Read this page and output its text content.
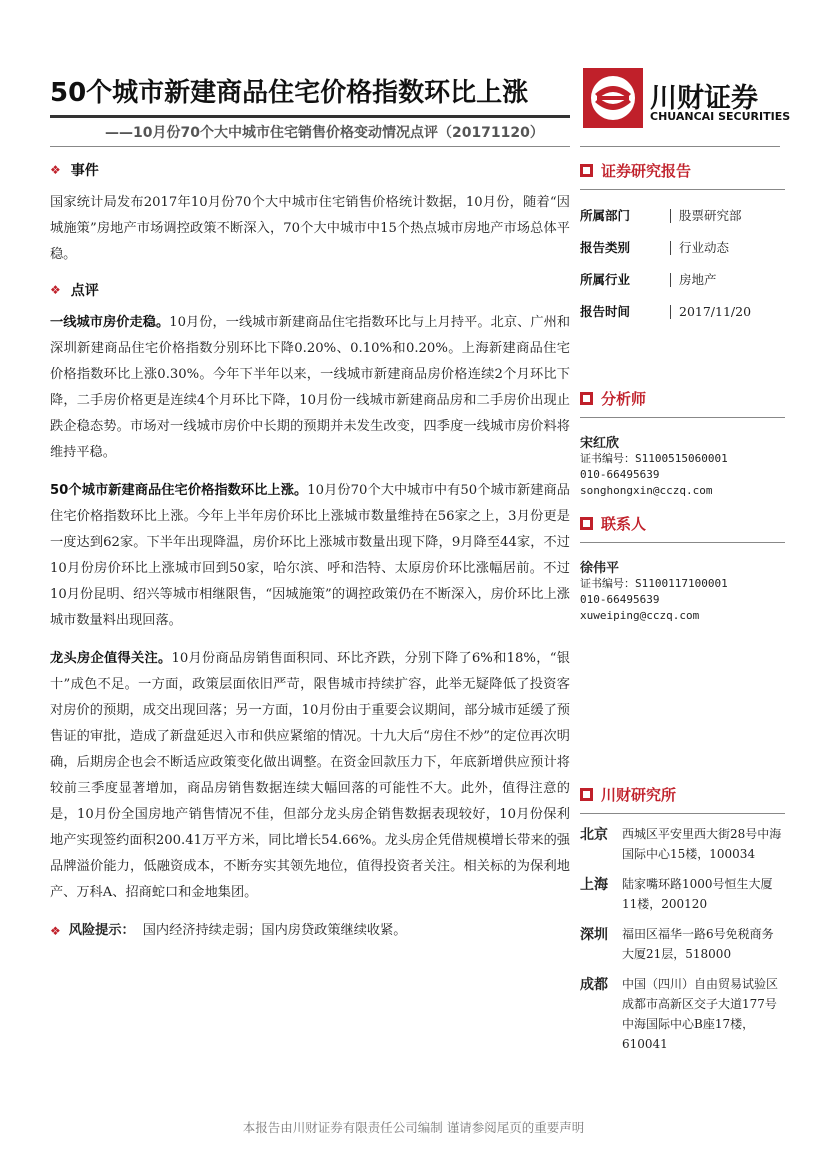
50个城市新建商品住宅价格指数环比上涨
——10月份70个大中城市住宅销售价格变动情况点评（20171120）
川财证券
CHUANCAI SECURITIES
❖ 事件

国家统计局发布2017年10月份70个大中城市住宅销售价格统计数据，10月份，随着“因城施策”房地产市场调控政策不断深入，70个大中城市中15个热点城市房地产市场总体平稳。

❖ 点评

一线城市房价走稳。10月份，一线城市新建商品住宅指数环比与上月持平。北京、广州和深圳新建商品住宅价格指数分别环比下降0.20%、0.10%和0.20%。上海新建商品住宅价格指数环比上涨0.30%。今年下半年以来，一线城市新建商品房价格连续2个月环比下降，二手房价格更是连续4个月环比下降，10月份一线城市新建商品房和二手房价出现止跌企稳态势。市场对一线城市房价中长期的预期并未发生改变，四季度一线城市房价料将维持平稳。

50个城市新建商品住宅价格指数环比上涨。10月份70个大中城市中有50个城市新建商品住宅价格指数环比上涨。今年上半年房价环比上涨城市数量维持在56家之上，3月份更是一度达到62家。下半年出现降温，房价环比上涨城市数量出现下降，9月降至44家，不过10月份房价环比上涨城市回到50家，哈尔滨、呼和浩特、太原房价环比涨幅居前。不过10月份昆明、绍兴等城市相继限售，“因城施策”的调控政策仍在不断深入，房价环比上涨城市数量料出现回落。

龙头房企值得关注。10月份商品房销售面积同、环比齐跌，分别下降了6%和18%，“银十”成色不足。一方面，政策层面依旧严苛，限售城市持续扩容，此举无疑降低了投资客对房价的预期，成交出现回落；另一方面，10月份由于重要会议期间，部分城市延缓了预售证的审批，造成了新盘延迟入市和供应紧缩的情况。十九大后“房住不炒”的定位再次明确，后期房企也会不断适应政策变化做出调整。在资金回款压力下，年底新增供应预计将较前三季度显著增加，商品房销售数据连续大幅回落的可能性不大。此外，值得注意的是，10月份全国房地产销售情况不佳，但部分龙头房企销售数据表现较好，10月份保利地产实现签约面积200.41万平方米，同比增长54.66%。龙头房企凭借规模增长带来的强品牌溢价能力，低融资成本，不断夯实其领先地位，值得投资者关注。相关标的为保利地产、万科A、招商蛇口和金地集团。

❖ 风险提示： 国内经济持续走弱；国内房贷政策继续收紧。
证券研究报告
所属部门	股票研究部
报告类别	行业动态
所属行业	房地产
报告时间	2017/11/20
分析师
宋红欣
证书编号：S1100515060001
010-66495639
songhongxin@cczq.com
联系人
徐伟平
证书编号：S1100117100001
010-66495639
xuweiping@cczq.com
川财研究所
北京	西城区平安里西大街28号中海国际中心15楼，100034
上海	陆家嘴环路1000号恒生大厦11楼，200120
深圳	福田区福华一路6号免税商务大厦21层，518000
成都	中国（四川）自由贸易试验区成都市高新区交子大道177号中海国际中心B座17楼，610041
本报告由川财证券有限责任公司编制 谨请参阅尾页的重要声明
